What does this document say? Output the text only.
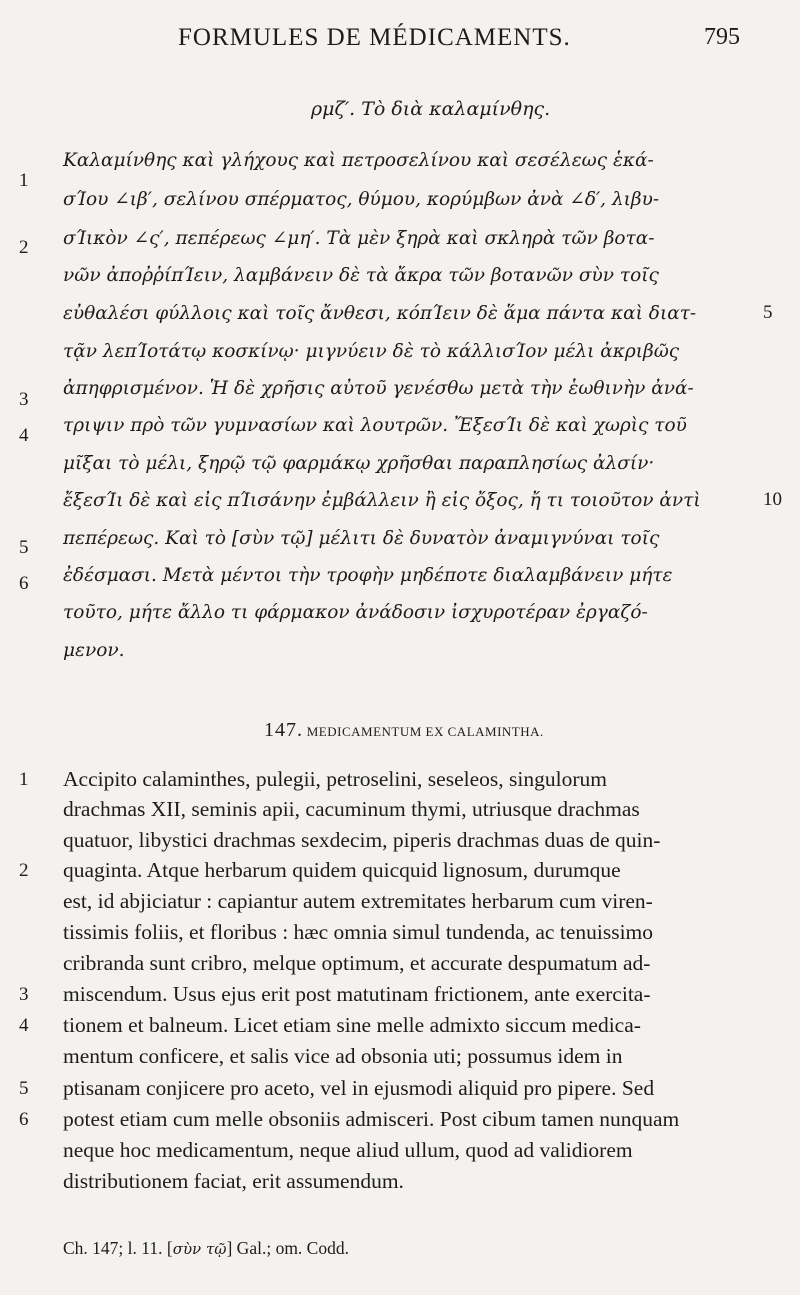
FORMULES DE MÉDICAMENTS.	795
ρμζ′. Τὸ διὰ καλαμίνθης.
Καλαμίνθης καὶ γλήχους καὶ πετροσελίνου καὶ σεσέλεως ἑκά-
σΊου ∠ιβ′, σελίνου σπέρματος, θύμου, κορύμβων ἀνὰ ∠δ′, λιβυ-
σΊικὸν ∠ς′, πεπέρεως ∠μη′. Τὰ μὲν ξηρὰ καὶ σκληρὰ τῶν βοτα-
νῶν ἀποῤῥίπΊειν, λαμβάνειν δὲ τὰ ἄκρα τῶν βοτανῶν σὺν τοῖς
εὐθαλέσι φύλλοις καὶ τοῖς ἄνθεσι, κόπΊειν δὲ ἅμα πάντα καὶ διατ-
τᾷν λεπΊοτάτῳ κοσκίνῳ· μιγνύειν δὲ τὸ κάλλισΊον μέλι ἀκριβῶς
ἀπηφρισμένον. Ἡ δὲ χρῆσις αὐτοῦ γενέσθω μετὰ τὴν ἑωθινὴν ἀνά-
τριψιν πρὸ τῶν γυμνασίων καὶ λουτρῶν. ἜξεσΊι δὲ καὶ χωρὶς τοῦ
μῖξαι τὸ μέλι, ξηρῷ τῷ φαρμάκῳ χρῆσθαι παραπλησίως ἀλσίν·
ἔξεσΊι δὲ καὶ εἰς πΊισάνην ἐμβάλλειν ἢ εἰς ὄξος, ἤ τι τοιοῦτον ἀντὶ
πεπέρεως. Καὶ τὸ [σὺν τῷ] μέλιτι δὲ δυνατὸν ἀναμιγνύναι τοῖς
ἐδέσμασι. Μετὰ μέντοι τὴν τροφὴν μηδέποτε διαλαμβάνειν μήτε
τοῦτο, μήτε ἄλλο τι φάρμακον ἀνάδοσιν ἰσχυροτέραν ἐργαζό-
μενον.
1
2
3
4
5
6
5
10
147. MEDICAMENTUM EX CALAMINTHA.
Accipito calaminthes, pulegii, petroselini, seseleos, singulorum
drachmas XII, seminis apii, cacuminum thymi, utriusque drachmas
quatuor, libystici drachmas sexdecim, piperis drachmas duas de quin-
quaginta. Atque herbarum quidem quicquid lignosum, durumque
est, id abjiciatur : capiantur autem extremitates herbarum cum viren-
tissimis foliis, et floribus : hæc omnia simul tundenda, ac tenuissimo
cribranda sunt cribro, melque optimum, et accurate despumatum ad-
miscendum. Usus ejus erit post matutinam frictionem, ante exercita-
tionem et balneum. Licet etiam sine melle admixto siccum medica-
mentum conficere, et salis vice ad obsonia uti; possumus idem in
ptisanam conjicere pro aceto, vel in ejusmodi aliquid pro pipere. Sed
potest etiam cum melle obsoniis admisceri. Post cibum tamen nunquam
neque hoc medicamentum, neque aliud ullum, quod ad validiorem
distributionem faciat, erit assumendum.
1
2
3
4
5
6
Ch. 147; l. 11. [σὺν τῷ] Gal.; om. Codd.
